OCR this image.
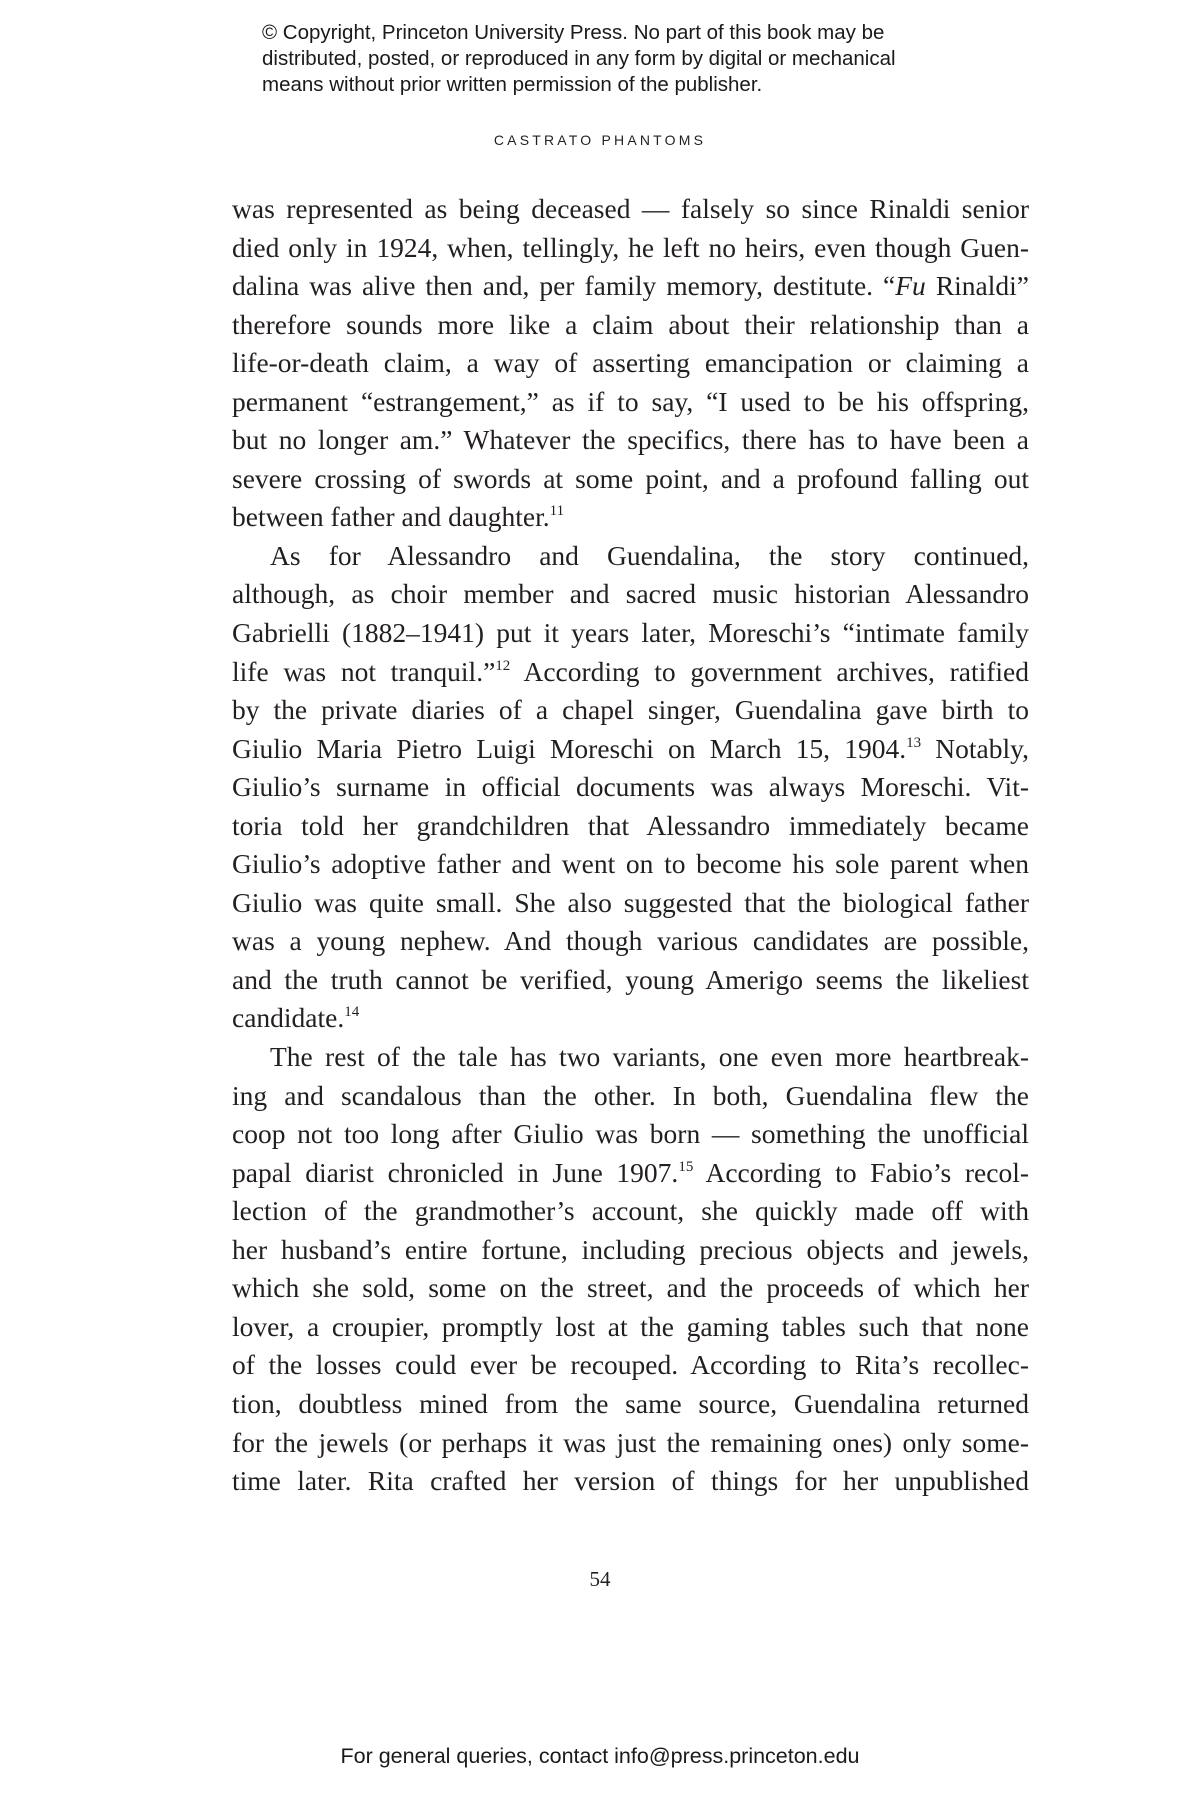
© Copyright, Princeton University Press. No part of this book may be
distributed, posted, or reproduced in any form by digital or mechanical
means without prior written permission of the publisher.
CASTRATO PHANTOMS
was represented as being deceased — falsely so since Rinaldi senior
died only in 1924, when, tellingly, he left no heirs, even though Guen-
dalina was alive then and, per family memory, destitute. “Fu Rinaldi”
therefore sounds more like a claim about their relationship than a
life-or-death claim, a way of asserting emancipation or claiming a
permanent “estrangement,” as if to say, “I used to be his offspring,
but no longer am.” Whatever the specifics, there has to have been a
severe crossing of swords at some point, and a profound falling out
between father and daughter.$^{11}$
As for Alessandro and Guendalina, the story continued,
although, as choir member and sacred music historian Alessandro
Gabrielli (1882–1941) put it years later, Moreschi’s “intimate family
life was not tranquil.”$^{12}$ According to government archives, ratified
by the private diaries of a chapel singer, Guendalina gave birth to
Giulio Maria Pietro Luigi Moreschi on March 15, 1904.13 Notably,
Giulio’s surname in official documents was always Moreschi. Vit-
toria told her grandchildren that Alessandro immediately became
Giulio’s adoptive father and went on to become his sole parent when
Giulio was quite small. She also suggested that the biological father
was a young nephew. And though various candidates are possible,
and the truth cannot be verified, young Amerigo seems the likeliest
candidate.$^{14}$
The rest of the tale has two variants, one even more heartbreak-
ing and scandalous than the other. In both, Guendalina flew the
coop not too long after Giulio was born — something the unofficial
papal diarist chronicled in June 1907.15 According to Fabio’s recol-
lection of the grandmother’s account, she quickly made off with
her husband’s entire fortune, including precious objects and jewels,
which she sold, some on the street, and the proceeds of which her
lover, a croupier, promptly lost at the gaming tables such that none
of the losses could ever be recouped. According to Rita’s recollec-
tion, doubtless mined from the same source, Guendalina returned
for the jewels (or perhaps it was just the remaining ones) only some-
time later. Rita crafted her version of things for her unpublished
54
For general queries, contact info@press.princeton.edu
